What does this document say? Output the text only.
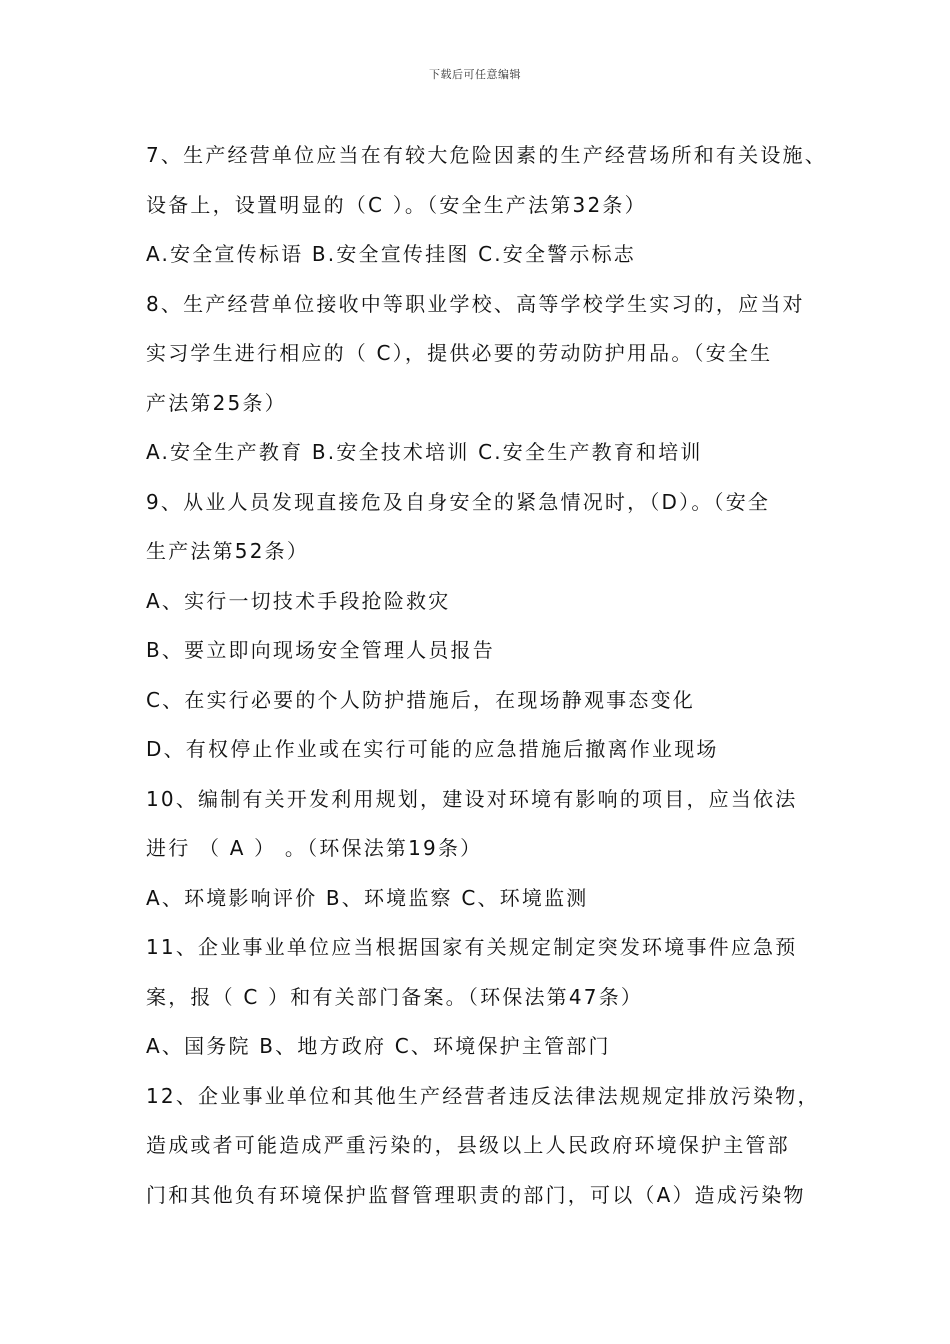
下载后可任意编辑
7、生产经营单位应当在有较大危险因素的生产经营场所和有关设施、
设备上，设置明显的（C ）。（安全生产法第32条）
A.安全宣传标语 B.安全宣传挂图 C.安全警示标志
8、生产经营单位接收中等职业学校、高等学校学生实习的，应当对
实习学生进行相应的（ C），提供必要的劳动防护用品。（安全生
产法第25条）
A.安全生产教育 B.安全技术培训 C.安全生产教育和培训
9、从业人员发现直接危及自身安全的紧急情况时，（D）。（安全
生产法第52条）
A、实行一切技术手段抢险救灾
B、要立即向现场安全管理人员报告
C、在实行必要的个人防护措施后，在现场静观事态变化
D、有权停止作业或在实行可能的应急措施后撤离作业现场
10、编制有关开发利用规划，建设对环境有影响的项目，应当依法
进行 （ A ） 。（环保法第19条）
A、环境影响评价 B、环境监察 C、环境监测
11、企业事业单位应当根据国家有关规定制定突发环境事件应急预
案，报（ C ）和有关部门备案。（环保法第47条）
A、国务院 B、地方政府 C、环境保护主管部门
12、企业事业单位和其他生产经营者违反法律法规规定排放污染物，
造成或者可能造成严重污染的，县级以上人民政府环境保护主管部
门和其他负有环境保护监督管理职责的部门，可以（A）造成污染物
